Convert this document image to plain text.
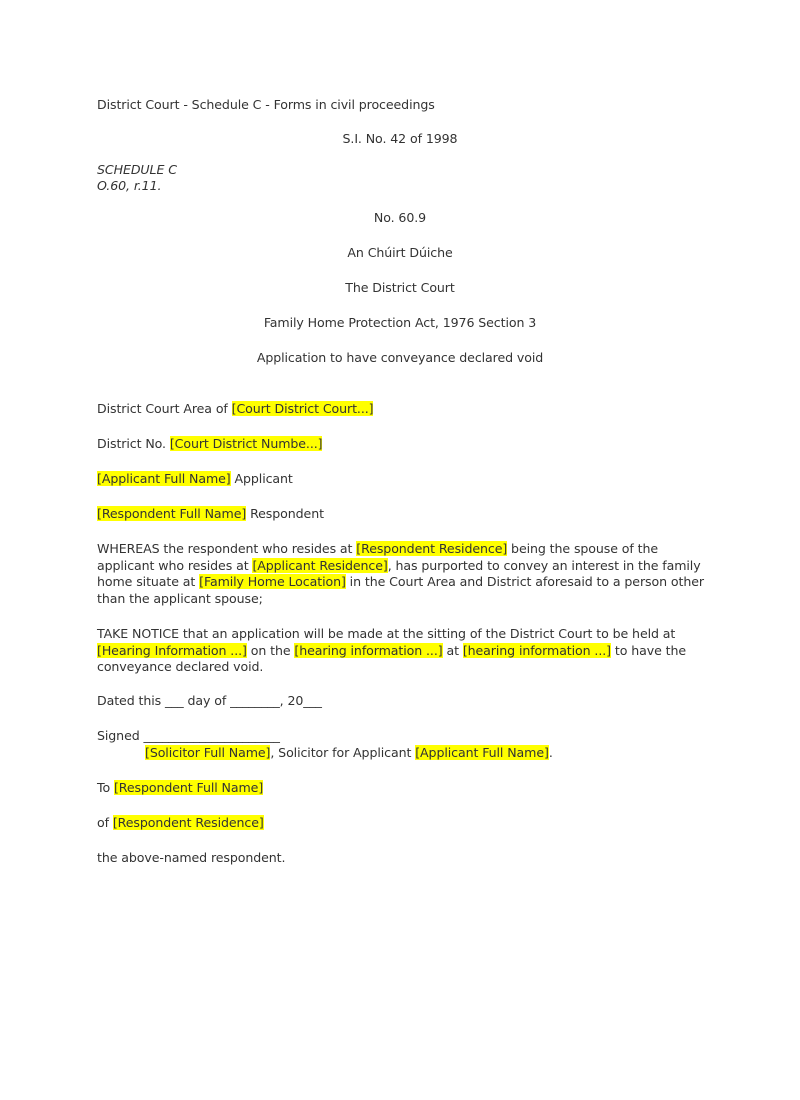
District Court - Schedule C - Forms in civil proceedings
S.I. No. 42 of 1998
SCHEDULE C
O.60, r.11.
No. 60.9
An Chúirt Dúiche
The District Court
Family Home Protection Act, 1976 Section 3
Application to have conveyance declared void
District Court Area of [Court District Court...]
District No. [Court District Numbe...]
[Applicant Full Name] Applicant
[Respondent Full Name] Respondent
WHEREAS the respondent who resides at [Respondent Residence] being the spouse of the applicant who resides at [Applicant Residence], has purported to convey an interest in the family home situate at [Family Home Location] in the Court Area and District aforesaid to a person other than the applicant spouse;
TAKE NOTICE that an application will be made at the sitting of the District Court to be held at [Hearing Information ...] on the [hearing information ...] at [hearing information ...] to have the conveyance declared void.
Dated this ___ day of ________, 20___
Signed ______________________
[Solicitor Full Name], Solicitor for Applicant [Applicant Full Name].
To [Respondent Full Name]
of [Respondent Residence]
the above-named respondent.
